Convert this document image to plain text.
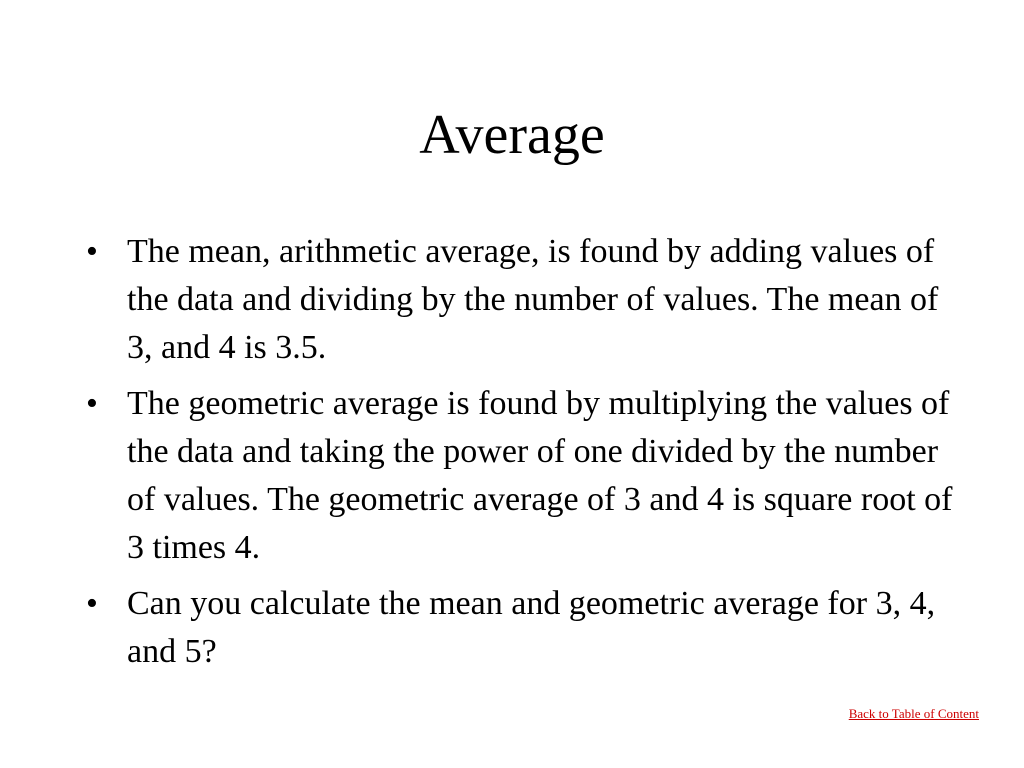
Average
• The mean, arithmetic average, is found by adding values of the data and dividing by the number of values. The mean of 3, and 4 is 3.5.
• The geometric average is found by multiplying the values of the data and taking the power of one divided by the number of values. The geometric average of 3 and 4 is square root of 3 times 4.
• Can you calculate the mean and geometric average for 3, 4, and 5?
Back to Table of Content
